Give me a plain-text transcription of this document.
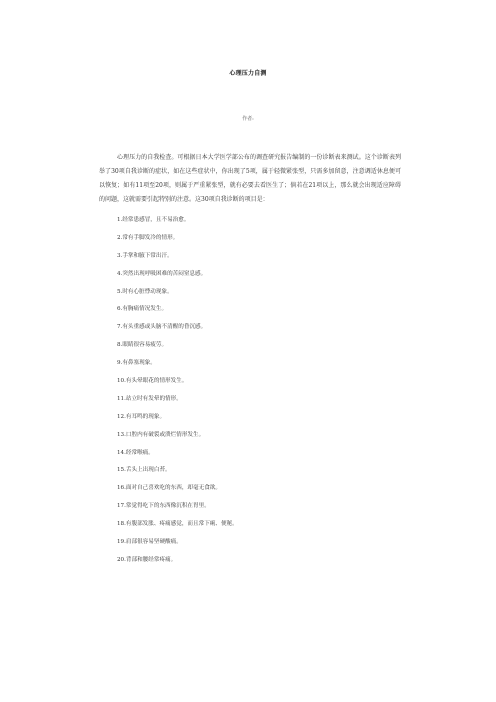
心理压力自测
作者:

心理压力的自我检查。可根据日本大学医学部公布的调查研究报告编制的一份诊断表来测试。这个诊断表列举了30项自我诊断的症状，如在这些症状中，你出现了5项，属于轻微紧张型，只需多加留意，注意调适休息便可以恢复；如有11项至20项，则属于严重紧张型，就有必要去看医生了；倘若在21项以上，那么就会出现适应障碍的问题，这就需要引起特别的注意。这30项自我诊断的项目是：

1.经常患感冒，且不易治愈。
2.常有手脚发冷的情形。
3.手掌和腋下常出汗。
4.突然出现呼吸困难的苦闷窒息感。
5.时有心脏悸动现象。
6.有胸痛情况发生。
7.有头重感或头脑不清醒的昏沉感。
8.眼睛很容易疲劳。
9.有鼻塞现象。
10.有头晕眼花的情形发生。
11.站立时有发晕的情形。
12.有耳鸣的现象。
13.口腔内有破裂或溃烂情形发生。
14.经常喉痛。
15.舌头上出现白苔。
16.面对自己喜欢吃的东西，却毫无食欲。
17.常觉得吃下的东西像沉积在胃里。
18.有腹部发胀、疼痛感觉，而且常下痢、便秘。
19.肩部很容易坚硬酸痛。
20.背部和腰经常疼痛。
